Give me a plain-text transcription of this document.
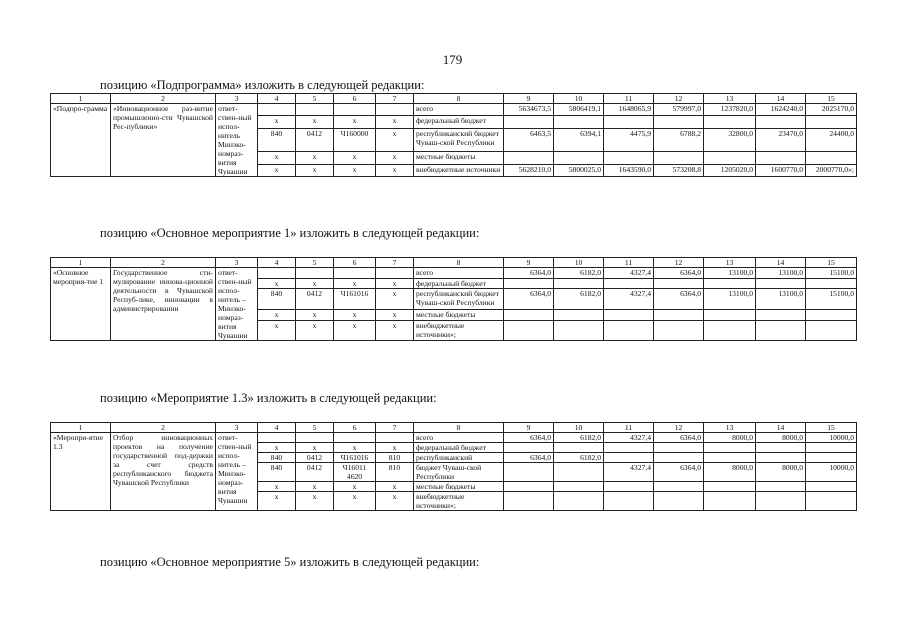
179
позицию «Подпрограмма» изложить в следующей редакции:
1	2	3	4	5	6	7	8	9	10	11	12	13	14	15
«Подпро-грамма	«Инновационное раз-витие промышленно-сти Чувашской Рес-публики»	ответ-ствен-ный испол-нитель Минэко-номраз-вития Чувашии					всего	5634673,5	5806419,1	1648065,9	579997,0	1237820,0	1624240,0	2025170,0
			x	x	x	x	федеральный бюджет							
			840	0412	Ч160000	x	республиканский бюджет Чуваш-ской Республики	6463,5	6394,1	4475,9	6788,2	32800,0	23470,0	24400,0
			x	x	x	x	местные бюджеты							
			x	x	x	x	внебюджетные источники	5628210,0	5800025,0	1643590,0	573208,8	1205020,0	1600770,0	2000770,0»;
позицию «Основное мероприятие 1» изложить в следующей редакции:
1	2	3	4	5	6	7	8	9	10	11	12	13	14	15
«Основное мероприя-тие 1	Государственное сти-мулирование иннова-ционной деятельности в Чувашской Респуб-лике, инновации в администрировании	ответ-ствен-ный испол-нитель – Минэко-номраз-вития Чувашии					всего	6364,0	6182,0	4327,4	6364,0	13100,0	13100,0	15100,0
			x	x	x	x	федеральный бюджет							
			840	0412	Ч161016	x	республиканский бюджет Чуваш-ской Республики	6364,0	6182,0	4327,4	6364,0	13100,0	13100,0	15100,0
			x	x	x	x	местные бюджеты							
			x	x	x	x	внебюджетные источники»;							
позицию «Мероприятие 1.3» изложить в следующей редакции:
1	2	3	4	5	6	7	8	9	10	11	12	13	14	15
«Меропри-ятие 1.3	Отбор инновационных проектов на получение государственной под-держки за счет средств республиканского бюджета Чувашской Республики	ответ-ствен-ный испол-нитель – Минэко-номраз-вития Чувашии					всего	6364,0	6182,0	4327,4	6364,0	8000,0	8000,0	10000,0
			x	x	x	x	федеральный бюджет							
			840	0412	Ч161016	810	республиканский	6364,0	6182,0					
			840	0412	Ч16011 4620	810	бюджет Чуваш-ской Республики			4327,4	6364,0	8000,0	8000,0	10000,0
			x	x	x	x	местные бюджеты							
			x	x	x	x	внебюджетные источники»;							
позицию «Основное мероприятие 5» изложить в следующей редакции:
